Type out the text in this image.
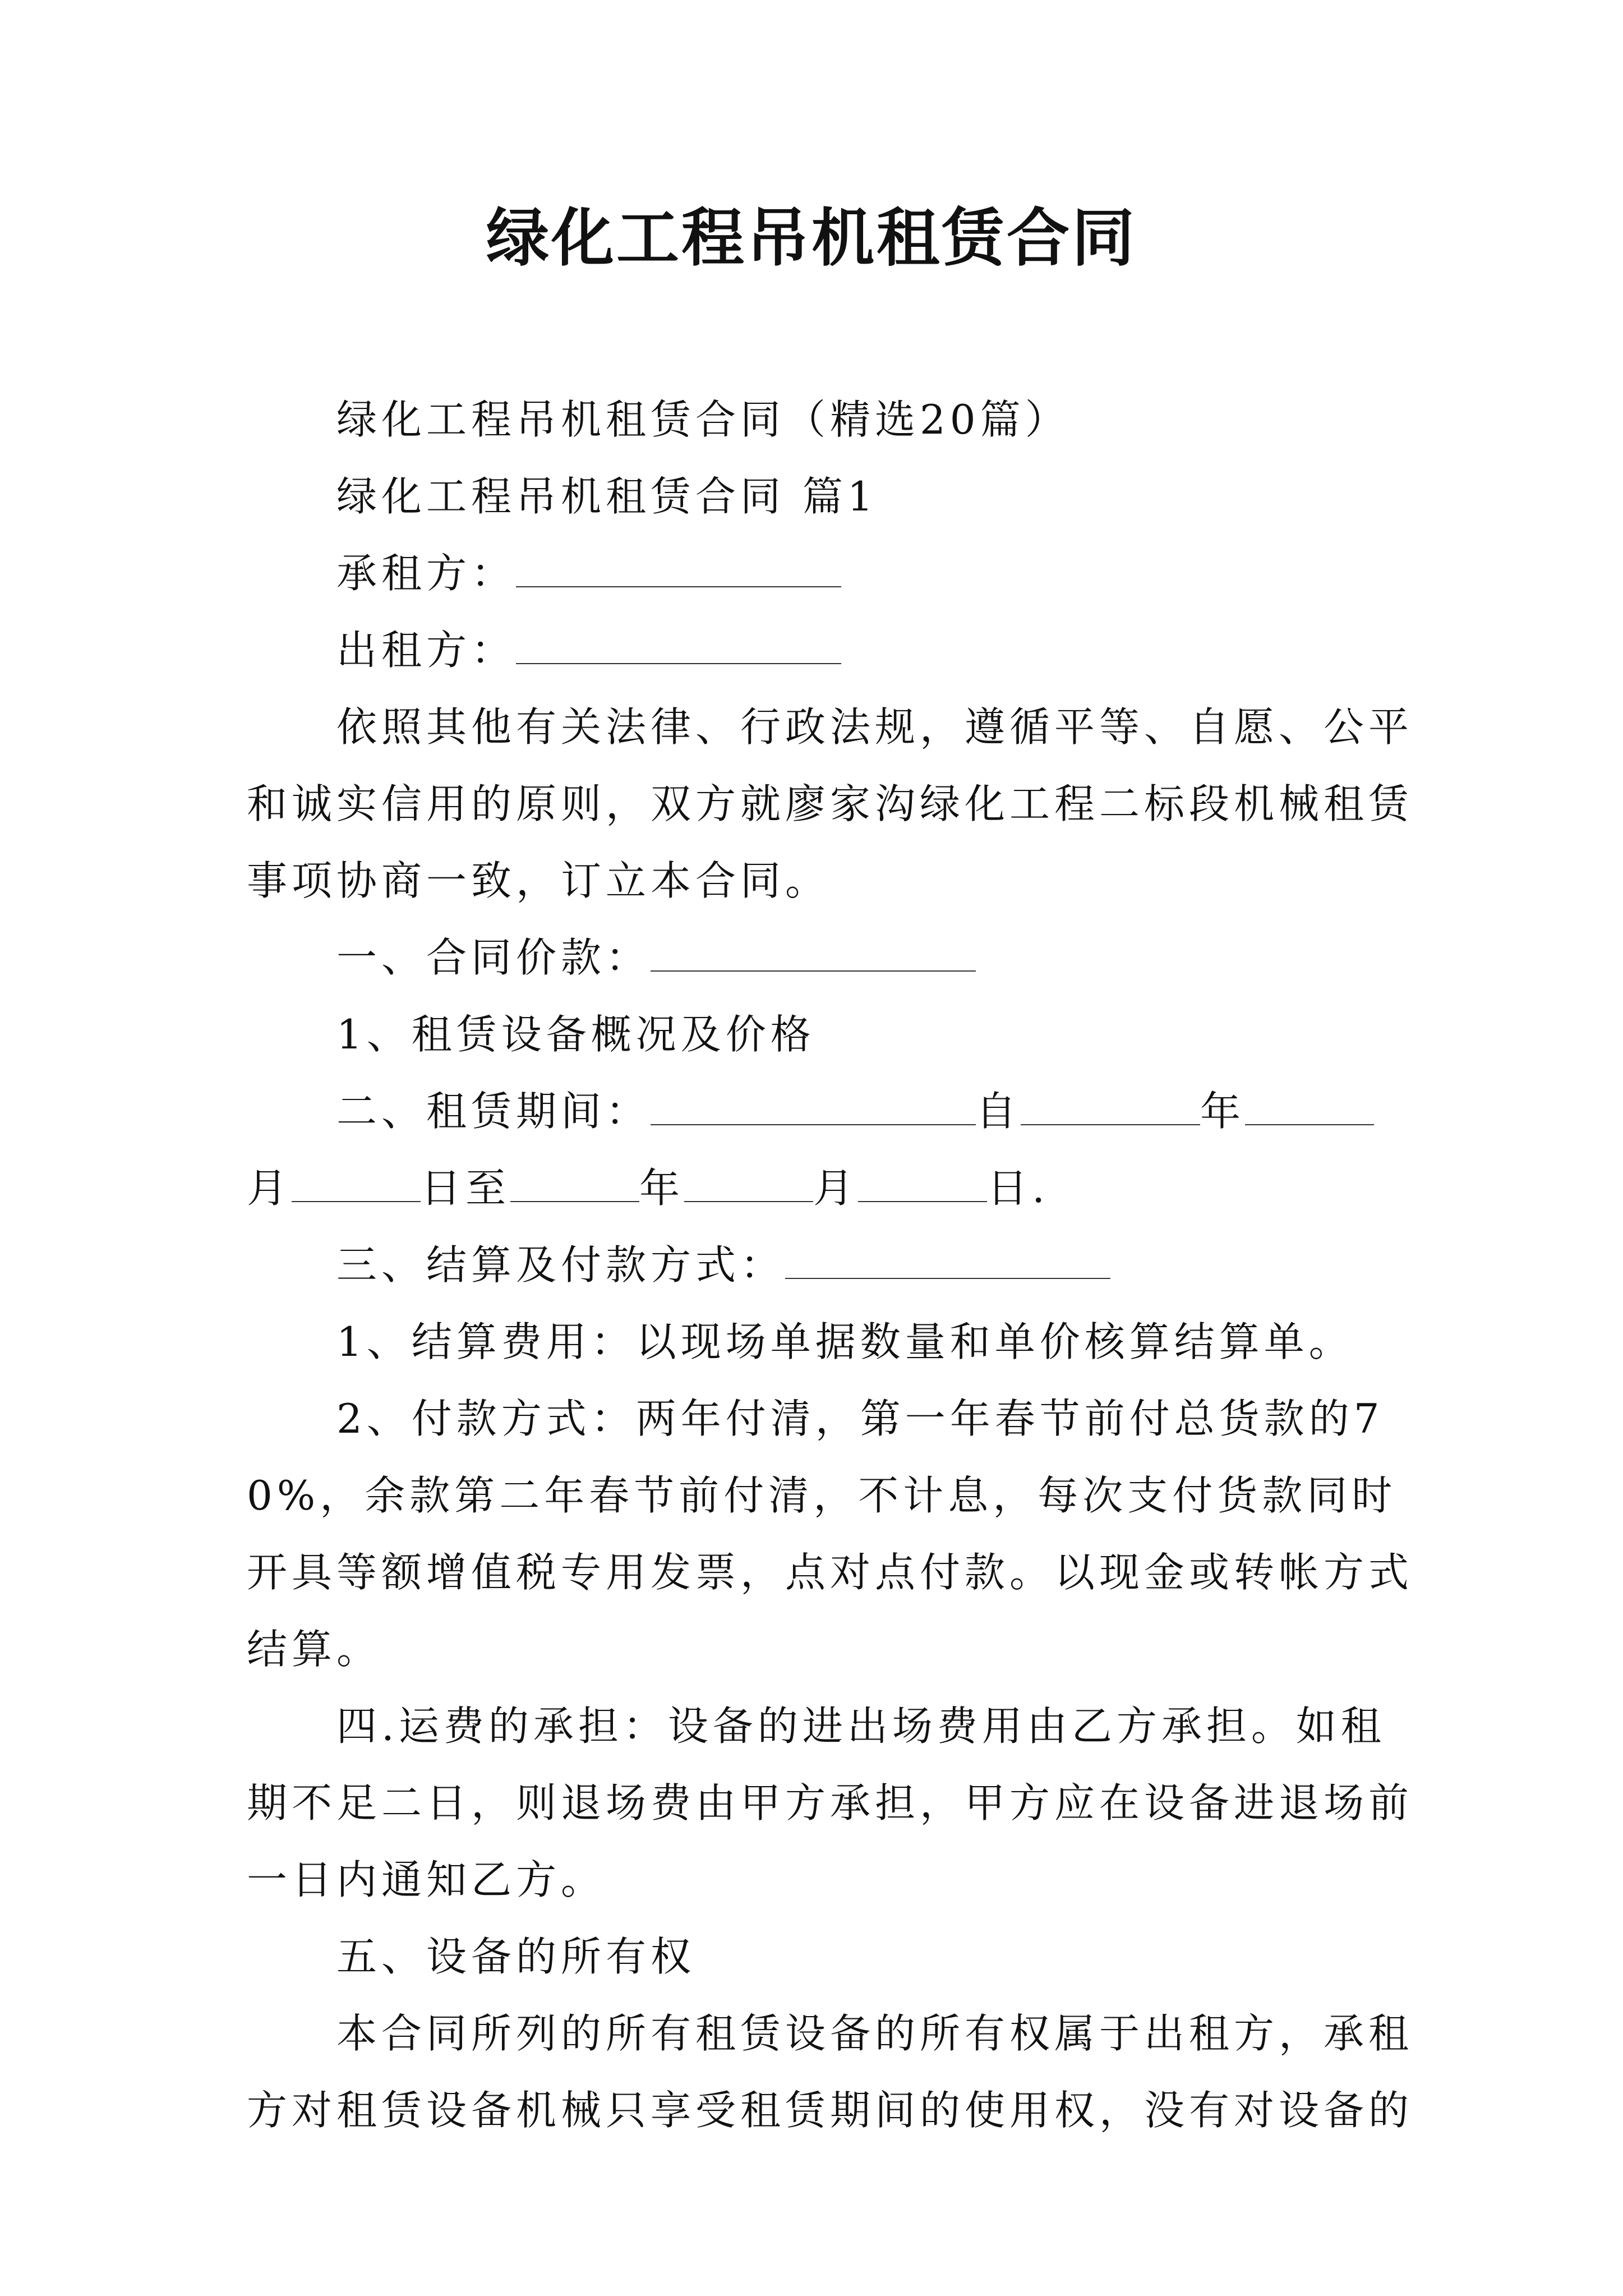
绿化工程吊机租赁合同

绿化工程吊机租赁合同（精选20篇）

绿化工程吊机租赁合同 篇1

承租方：

出租方：

依照其他有关法律、行政法规，遵循平等、自愿、公平和诚实信用的原则，双方就廖家沟绿化工程二标段机械租赁事项协商一致，订立本合同。

一、合同价款：

1、租赁设备概况及价格

二、租赁期间：	自	年月	日至	年	月	日.

三、结算及付款方式：

1、结算费用：以现场单据数量和单价核算结算单。

2、付款方式：两年付清，第一年春节前付总货款的70%，余款第二年春节前付清，不计息，每次支付货款同时开具等额增值税专用发票，点对点付款。以现金或转帐方式结算。

四.运费的承担：设备的进出场费用由乙方承担。如租期不足二日，则退场费由甲方承担，甲方应在设备进退场前一日内通知乙方。

五、设备的所有权

本合同所列的所有租赁设备的所有权属于出租方，承租方对租赁设备机械只享受租赁期间的使用权，没有对设备的
